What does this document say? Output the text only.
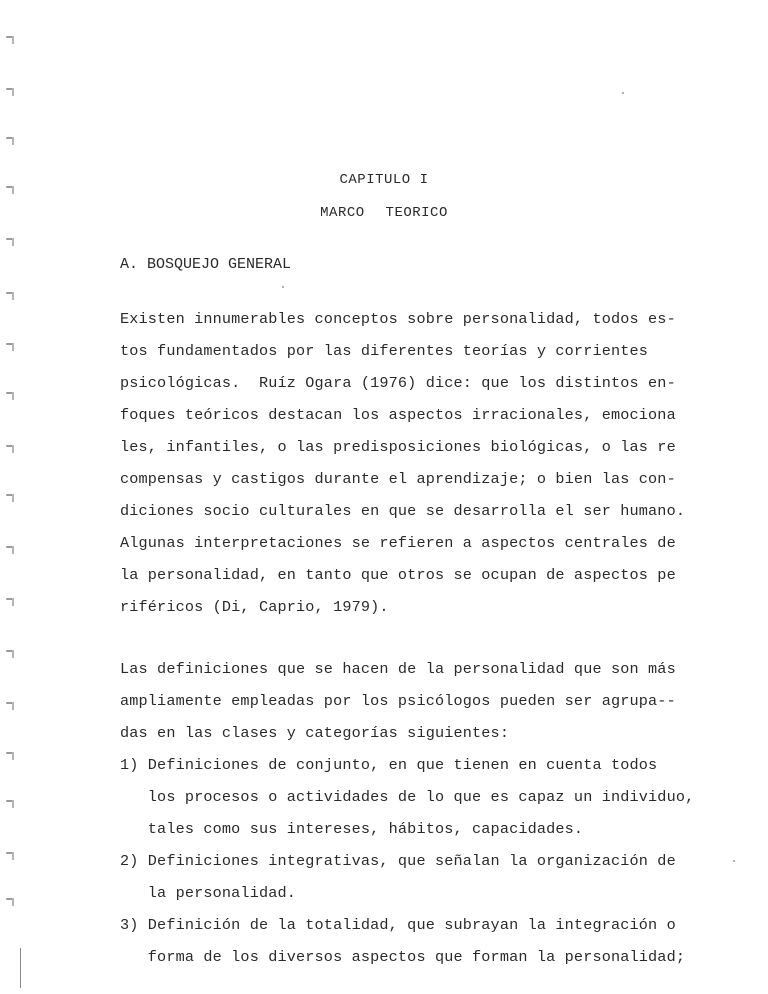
CAPITULO I
MARCO TEORICO
A. BOSQUEJO GENERAL
Existen innumerables conceptos sobre personalidad, todos es-
tos fundamentados por las diferentes teorías y corrientes
psicológicas.  Ruíz Ogara (1976) dice: que los distintos en-
foques teóricos destacan los aspectos irracionales, emociona
les, infantiles, o las predisposiciones biológicas, o las re
compensas y castigos durante el aprendizaje; o bien las con-
diciones socio culturales en que se desarrolla el ser humano.
Algunas interpretaciones se refieren a aspectos centrales de
la personalidad, en tanto que otros se ocupan de aspectos pe
riféricos (Di, Caprio, 1979).
Las definiciones que se hacen de la personalidad que son más
ampliamente empleadas por los psicólogos pueden ser agrupa--
das en las clases y categorías siguientes:
1) Definiciones de conjunto, en que tienen en cuenta todos
los procesos o actividades de lo que es capaz un individuo,
tales como sus intereses, hábitos, capacidades.
2) Definiciones integrativas, que señalan la organización de
la personalidad.
3) Definición de la totalidad, que subrayan la integración o
forma de los diversos aspectos que forman la personalidad;
